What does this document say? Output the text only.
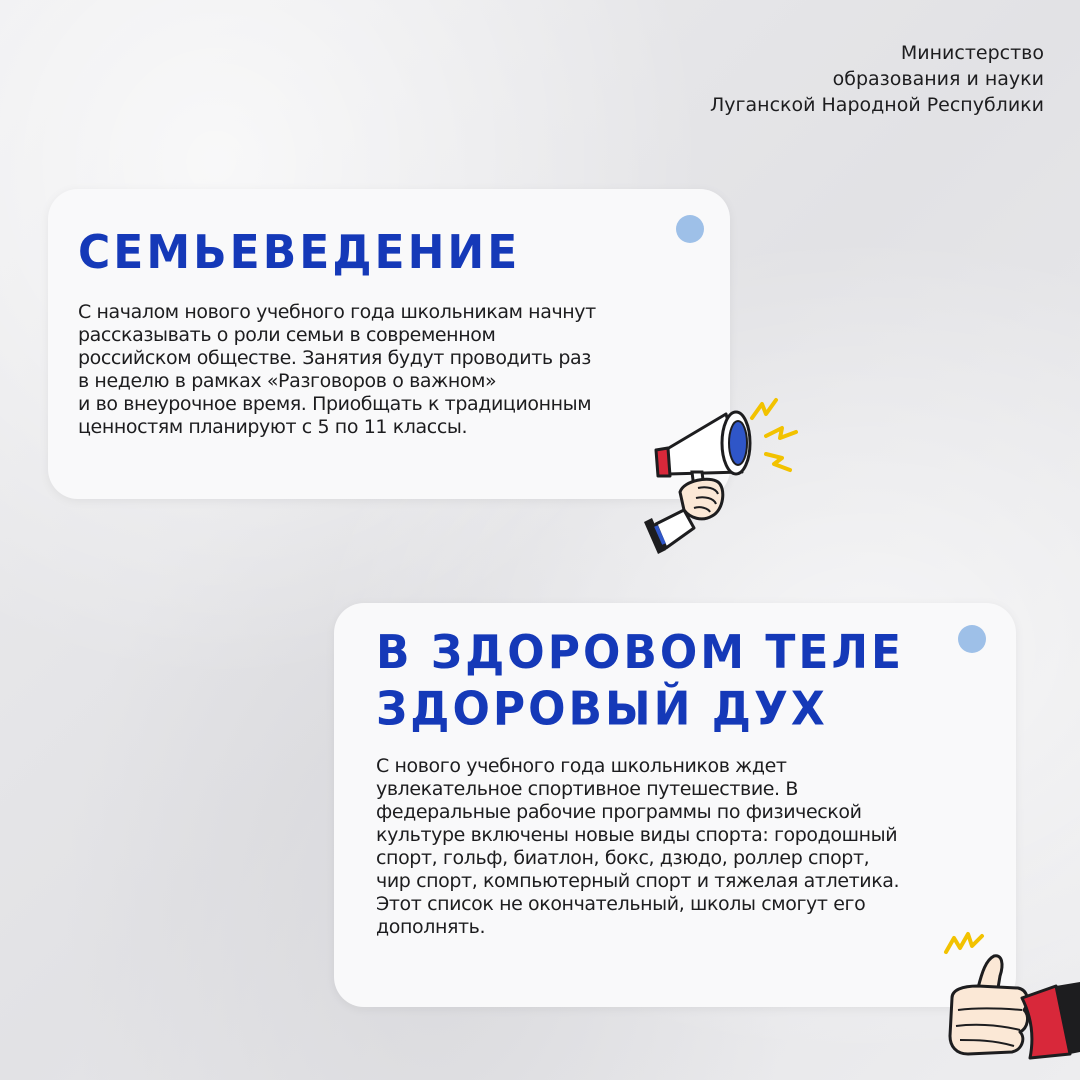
Министерство
образования и науки
Луганской Народной Республики
СЕМЬЕВЕДЕНИЕ
С началом нового учебного года школьникам начнут
рассказывать о роли семьи в современном
российском обществе. Занятия будут проводить раз
в неделю в рамках «Разговоров о важном»
и во внеурочное время. Приобщать к традиционным
ценностям планируют с 5 по 11 классы.
В ЗДОРОВОМ ТЕЛЕ
ЗДОРОВЫЙ ДУХ
С нового учебного года школьников ждет
увлекательное спортивное путешествие. В
федеральные рабочие программы по физической
культуре включены новые виды спорта: городошный
спорт, гольф, биатлон, бокс, дзюдо, роллер спорт,
чир спорт, компьютерный спорт и тяжелая атлетика.
Этот список не окончательный, школы смогут его
дополнять.
